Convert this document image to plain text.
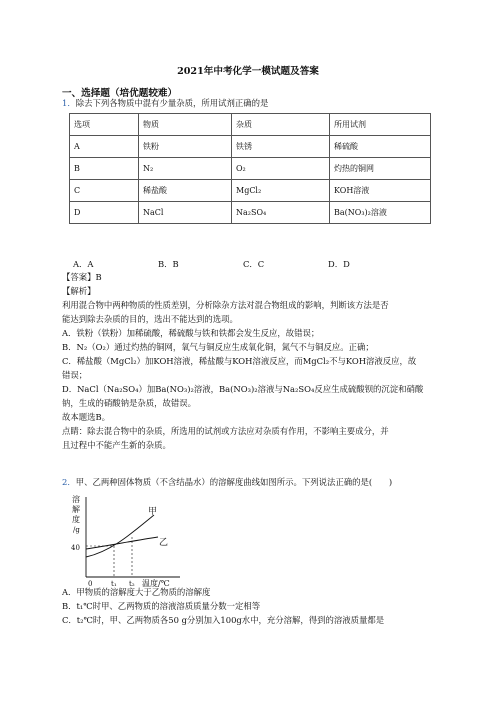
2021年中考化学一模试题及答案
一、选择题（培优题较难）
1．除去下列各物质中混有少量杂质，所用试剂正确的是
选项	物质	杂质	所用试剂
A	铁粉	铁锈	稀硫酸
B	N₂	O₂	灼热的铜网
C	稀盐酸	MgCl₂	KOH溶液
D	NaCl	Na₂SO₄	Ba(NO₃)₂溶液
A．A	B．B	C．C	D．D
【答案】B
【解析】
利用混合物中两种物质的性质差别，分析除杂方法对混合物组成的影响，判断该方法是否
能达到除去杂质的目的，选出不能达到的选项。
A．铁粉（铁粉）加稀硫酸，稀硫酸与铁和铁都会发生反应，故错误；
B．N₂（O₂）通过灼热的铜网，氧气与铜反应生成氧化铜，氮气不与铜反应。正确；
C．稀盐酸（MgCl₂）加KOH溶液，稀盐酸与KOH溶液反应，而MgCl₂不与KOH溶液反应，故
错误；
D．NaCl（Na₂SO₄）加Ba(NO₃)₂溶液，Ba(NO₃)₂溶液与Na₂SO₄反应生成硫酸钡的沉淀和硝酸
钠，生成的硝酸钠是杂质，故错误。
故本题选B。
点睛：除去混合物中的杂质，所选用的试剂或方法应对杂质有作用，不影响主要成分，并
且过程中不能产生新的杂质。
2．甲、乙两种固体物质（不含结晶水）的溶解度曲线如图所示。下列说法正确的是(　　)
溶
解
度
/g
40
0	t₁ t₂ 温度/℃
甲
乙
A．甲物质的溶解度大于乙物质的溶解度
B．t₁℃时甲、乙两物质的溶液溶质质量分数一定相等
C．t₂℃时，甲、乙两物质各50 g分别加入100g水中，充分溶解，得到的溶液质量都是
